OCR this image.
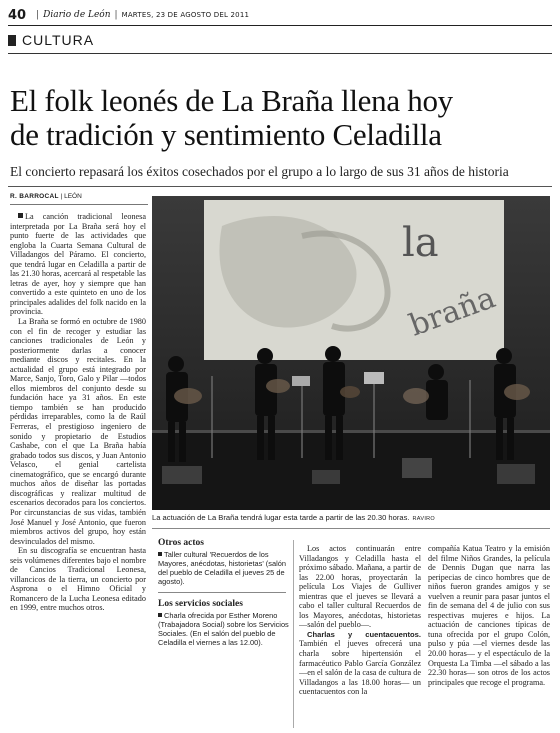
40 | Diario de León | MARTES, 23 DE AGOSTO DEL 2011
CULTURA
El folk leonés de La Braña llena hoy
de tradición y sentimiento Celadilla
El concierto repasará los éxitos cosechados por el grupo a lo largo de sus 31 años de historia
R. BARROCAL | LEÓN

La canción tradicional leonesa interpretada por La Braña será hoy el punto fuerte de las actividades que engloba la Cuarta Semana Cultural de Villadangos del Páramo. El concierto, que tendrá lugar en Celadilla a partir de las 21.30 horas, acercará al respetable las letras de ayer, hoy y siempre que han convertido a este quinteto en uno de los principales adalides del folk nacido en la provincia.

La Braña se formó en octubre de 1980 con el fin de recoger y estudiar las canciones tradicionales de León y posteriormente darlas a conocer mediante discos y recitales. En la actualidad el grupo está integrado por Marce, Sanjo, Toro, Galo y Pilar —todos ellos miembros del conjunto desde su fundación hace ya 31 años. En este tiempo también se han producido pérdidas irreparables, como la de Raúl Ferreras, el prestigioso ingeniero de sonido y propietario de Estudios Cashabe, con el que La Braña había grabado todos sus discos, y Juan Antonio Velasco, el genial cartelista cinematográfico, que se encargó durante muchos años de diseñar las portadas discográficas y realizar multitud de escenarios decorados para los conciertos. Por circunstancias de sus vidas, también José Manuel y José Antonio, que fueron miembros activos del grupo, hoy están desvinculados del mismo.

En su discografía se encuentran hasta seis volúmenes diferentes bajo el nombre de Cancios Tradicional Leonesa, villancicos de la tierra, un concierto por Asprona o el Himno Oficial y Romancero de la Lucha Leonesa editado en 1999, entre muchos otros.

la
braña
La actuación de La Braña tendrá lugar esta tarde a partir de las 20.30 horas. RAVIRO
Otros actos
Taller cultural 'Recuerdos de los Mayores, anécdotas, historietas' (salón del pueblo de Celadilla el jueves 25 de agosto).
Los servicios sociales
Charla ofrecida por Esther Moreno (Trabajadora Social) sobre los Servicios Sociales. (En el salón del pueblo de Celadilla el viernes a las 12.00).

Los actos continuarán entre Villadangos y Celadilla hasta el próximo sábado. Mañana, a partir de las 22.00 horas, proyectarán la película Los Viajes de Gulliver mientras que el jueves se llevará a cabo el taller cultural Recuerdos de los Mayores, anécdotas, historietas —salón del pueblo—.

Charlas y cuentacuentos. También el jueves ofrecerá una charla sobre hipertensión el farmacéutico Pablo García González —en el salón de la casa de cultura de Villadangos a las 18.00 horas— un cuentacuentos con la

compañía Katua Teatro y la emisión del filme Niños Grandes, la película de Dennis Dugan que narra las peripecias de cinco hombres que de niños fueron grandes amigos y se vuelven a reunir para pasar juntos el fin de semana del 4 de julio con sus respectivas mujeres e hijos. La actuación de canciones típicas de tuna ofrecida por el grupo Colón, pulso y púa —el viernes desde las 20.00 horas— y el espectáculo de la Orquesta La Timba —el sábado a las 22.30 horas— son otros de los actos principales que recoge el programa.
